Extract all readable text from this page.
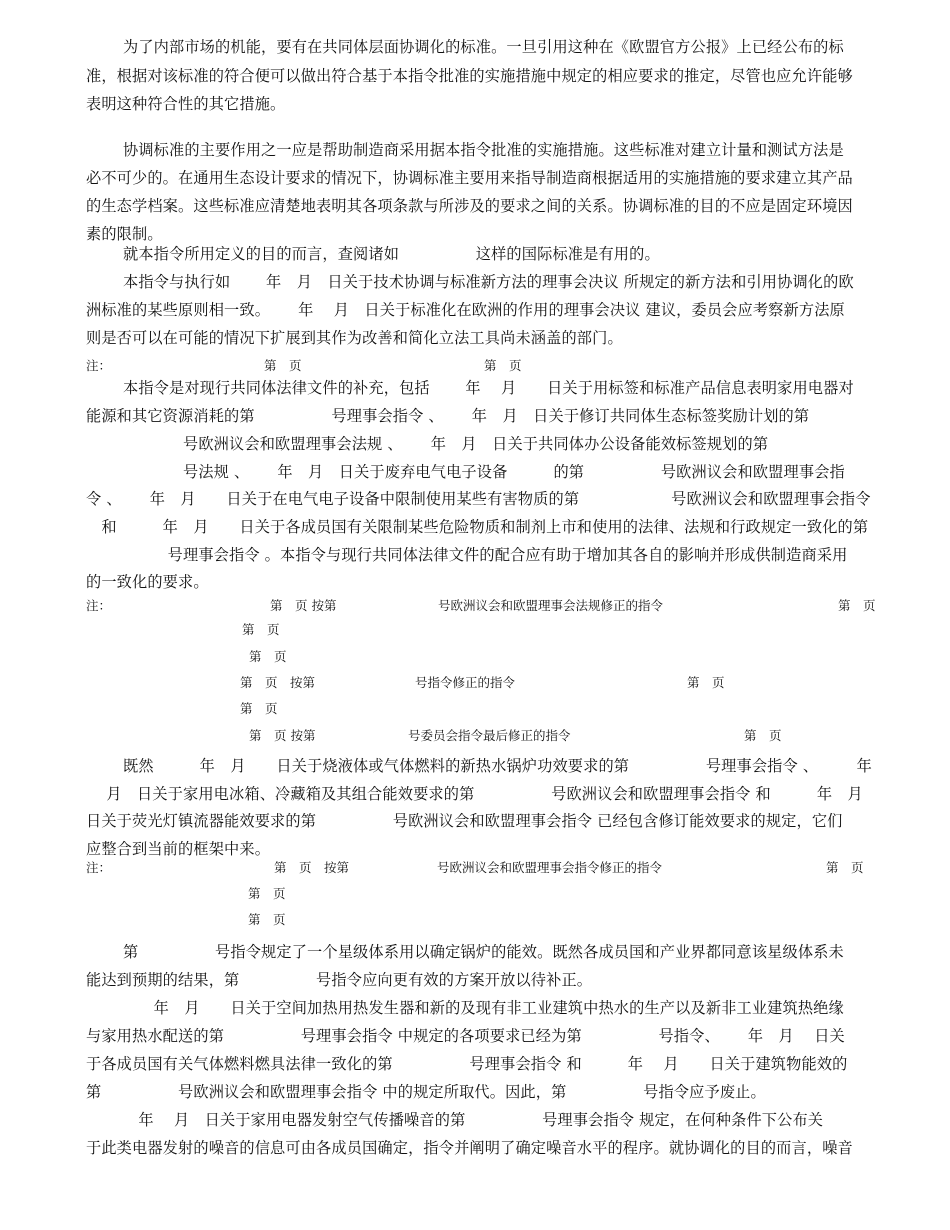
为了内部市场的机能，要有在共同体层面协调化的标准。一旦引用这种在《欧盟官方公报》上已经公布的标
准，根据对该标准的符合便可以做出符合基于本指令批准的实施措施中规定的相应要求的推定，尽管也应允许能够
表明这种符合性的其它措施。
协调标准的主要作用之一应是帮助制造商采用据本指令批准的实施措施。这些标准对建立计量和测试方法是
必不可少的。在通用生态设计要求的情况下，协调标准主要用来指导制造商根据适用的实施措施的要求建立其产品
的生态学档案。这些标准应清楚地表明其各项条款与所涉及的要求之间的关系。协调标准的目的不应是固定环境因
素的限制。
就本指令所用定义的目的而言，查阅诸如　　　　　这样的国际标准是有用的。
本指令与执行如　　 年　月　日关于技术协调与标准新方法的理事会决议 所规定的新方法和引用协调化的欧
洲标准的某些原则相一致。　　 年　 月　日关于标准化在欧洲的作用的理事会决议 建议，委员会应考察新方法原
则是否可以在可能的情况下扩展到其作为改善和简化立法工具尚未涵盖的部门。
本指令是对现行共同体法律文件的补充，包括　　 年　 月　　日关于用标签和标准产品信息表明家用电器对
能源和其它资源消耗的第　　　　　号理事会指令 、　　 年　月　日关于修订共同体生态标签奖励计划的第
　　　　　　 号欧洲议会和欧盟理事会法规 、　　 年　月　日关于共同体办公设备能效标签规划的第
　　　　　　 号法规 、　　 年　月　日关于废弃电气电子设备　　　的第　　　　　号欧洲议会和欧盟理事会指
令 、　　 年　月　　日关于在电气电子设备中限制使用某些有害物质的第　　　　　　号欧洲议会和欧盟理事会指令
　和　　　年　月　　日关于各成员国有关限制某些危险物质和制剂上市和使用的法律、法规和行政规定一致化的第
　　　　　 号理事会指令 。本指令与现行共同体法律文件的配合应有助于增加其各自的影响并形成供制造商采用
的一致化的要求。
既然　　　年　月　　日关于烧液体或气体燃料的新热水锅炉功效要求的第　　　　　号理事会指令 、　　　年
　 月　日关于家用电冰箱、冷藏箱及其组合能效要求的第　　　　　号欧洲议会和欧盟理事会指令 和　　　年　月
日关于荧光灯镇流器能效要求的第　　　　　号欧洲议会和欧盟理事会指令 已经包含修订能效要求的规定，它们
应整合到当前的框架中来。
第　　　　　号指令规定了一个星级体系用以确定锅炉的能效。既然各成员国和产业界都同意该星级体系未
能达到预期的结果，第　　　　　号指令应向更有效的方案开放以待补正。
　　年　月　　日关于空间加热用热发生器和新的及现有非工业建筑中热水的生产以及新非工业建筑热绝缘
与家用热水配送的第　　　　　号理事会指令 中规定的各项要求已经为第　　　　　号指令、　　 年　月　 日关
于各成员国有关气体燃料燃具法律一致化的第　　　　　号理事会指令 和　　　年　 月　　日关于建筑物能效的
第　　　　　号欧洲议会和欧盟理事会指令 中的规定所取代。因此，第　　　　　号指令应予废止。
　年　 月　日关于家用电器发射空气传播噪音的第　　　　　号理事会指令 规定，在何种条件下公布关
于此类电器发射的噪音的信息可由各成员国确定，指令并阐明了确定噪音水平的程序。就协调化的目的而言，噪音
注：	第　页	第　页
注：	第　页 按第	号欧洲议会和欧盟理事会法规修正的指令	第　页
第　页
第　页
第　页　按第	号指令修正的指令	第　页
第　页
第　页 按第	号委员会指令最后修正的指令	第　页
注：	第　页　按第	号欧洲议会和欧盟理事会指令修正的指令	第　页
第　页
第　页
